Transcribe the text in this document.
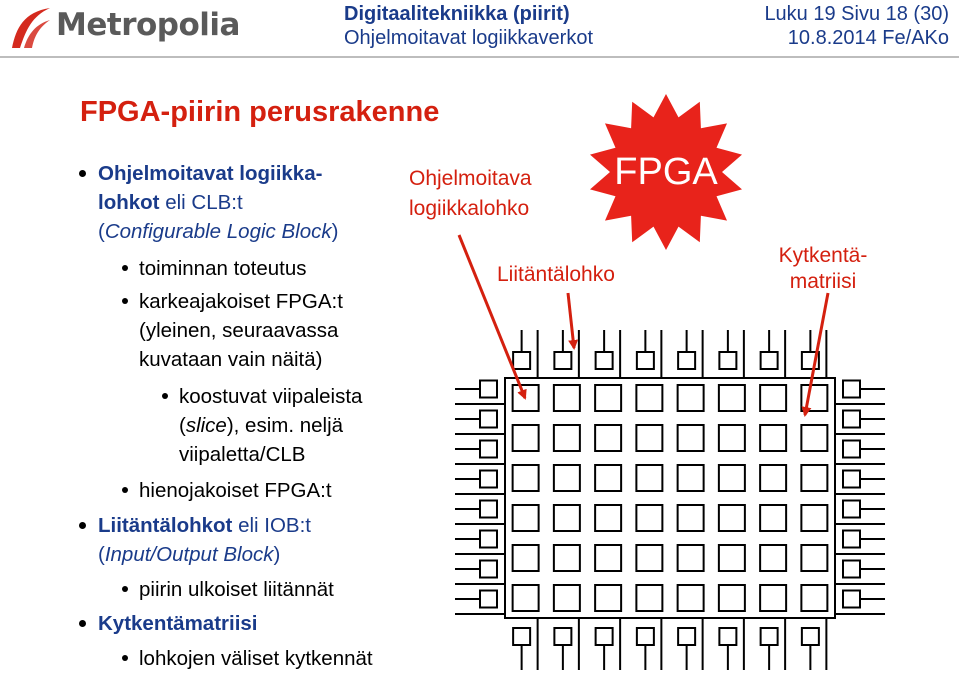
Metropolia	Digitaalitekniikka (piirit)
Ohjelmoitavat logiikkaverkot
Luku 19 Sivu 18 (30)
10.8.2014 Fe/AKo
FPGA-piirin perusrakenne
Ohjelmoitavat logiikka-
lohkot eli CLB:t
(Configurable Logic Block)
toiminnan toteutus
karkeajakoiset FPGA:t
(yleinen, seuraavassa
kuvataan vain näitä)
koostuvat viipaleista
(slice), esim. neljä
viipaletta/CLB
hienojakoiset FPGA:t
Liitäntälohkot eli IOB:t
(Input/Output Block)
piirin ulkoiset liitännät
Kytkentämatriisi
lohkojen väliset kytkennät
FPGA
Ohjelmoitava
logiikkalohko
Liitäntälohko
Kytkentä-
matriisi
